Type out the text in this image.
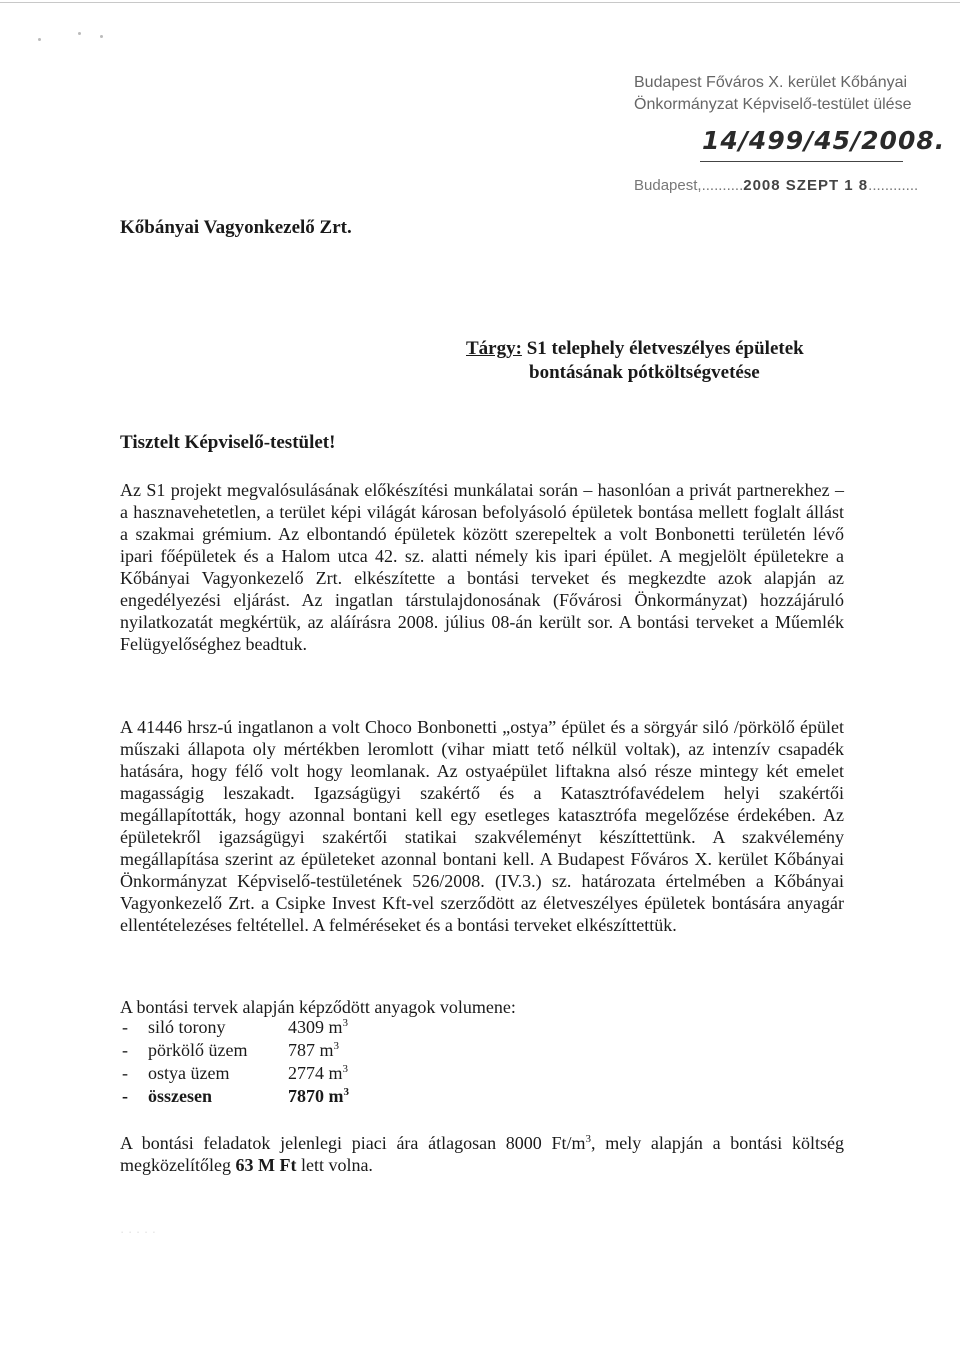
Budapest Főváros X. kerület Kőbányai
Önkormányzat Képviselő-testület ülése
14/499/45/2008.
Budapest,..........2008 SZEPT 1 8............
Kőbányai Vagyonkezelő Zrt.
Tárgy: S1 telephely életveszélyes épületek
bontásának pótköltségvetése
Tisztelt Képviselő-testület!
Az S1 projekt megvalósulásának előkészítési munkálatai során – hasonlóan a privát partnerekhez – a hasznavehetetlen, a terület képi világát károsan befolyásoló épületek bontása mellett foglalt állást a szakmai grémium. Az elbontandó épületek között szerepeltek a volt Bonbonetti területén lévő ipari főépületek és a Halom utca 42. sz. alatti némely kis ipari épület. A megjelölt épületekre a Kőbányai Vagyonkezelő Zrt. elkészítette a bontási terveket és megkezdte azok alapján az engedélyezési eljárást. Az ingatlan társtulajdonosának (Fővárosi Önkormányzat) hozzájáruló nyilatkozatát megkértük, az aláírásra 2008. július 08-án került sor. A bontási terveket a Műemlék Felügyelőséghez beadtuk.
A 41446 hrsz-ú ingatlanon a volt Choco Bonbonetti „ostya” épület és a sörgyár siló /pörkölő épület műszaki állapota oly mértékben leromlott (vihar miatt tető nélkül voltak), az intenzív csapadék hatására, hogy félő volt hogy leomlanak. Az ostyaépület liftakna alsó része mintegy két emelet magasságig leszakadt. Igazságügyi szakértő és a Katasztrófavédelem helyi szakértői megállapították, hogy azonnal bontani kell egy esetleges katasztrófa megelőzése érdekében. Az épületekről igazságügyi szakértői statikai szakvéleményt készíttettünk. A szakvélemény megállapítása szerint az épületeket azonnal bontani kell. A Budapest Főváros X. kerület Kőbányai Önkormányzat Képviselő-testületének 526/2008. (IV.3.) sz. határozata értelmében a Kőbányai Vagyonkezelő Zrt. a Csipke Invest Kft-vel szerződött az életveszélyes épületek bontására anyagár ellentételezéses feltétellel. A felméréseket és a bontási terveket elkészíttettük.
A bontási tervek alapján képződött anyagok volumene:
-	siló torony	4309 $m^3$
-	pörkölő üzem 787 $m^3$
-	ostya üzem	2774 $m^3$
-	összesen	7870 $m^3$
A bontási feladatok jelenlegi piaci ára átlagosan 8000 $Ft/m^3$, mely alapján a bontási költség megközelítőleg 63 M Ft lett volna.
· · · · ·
